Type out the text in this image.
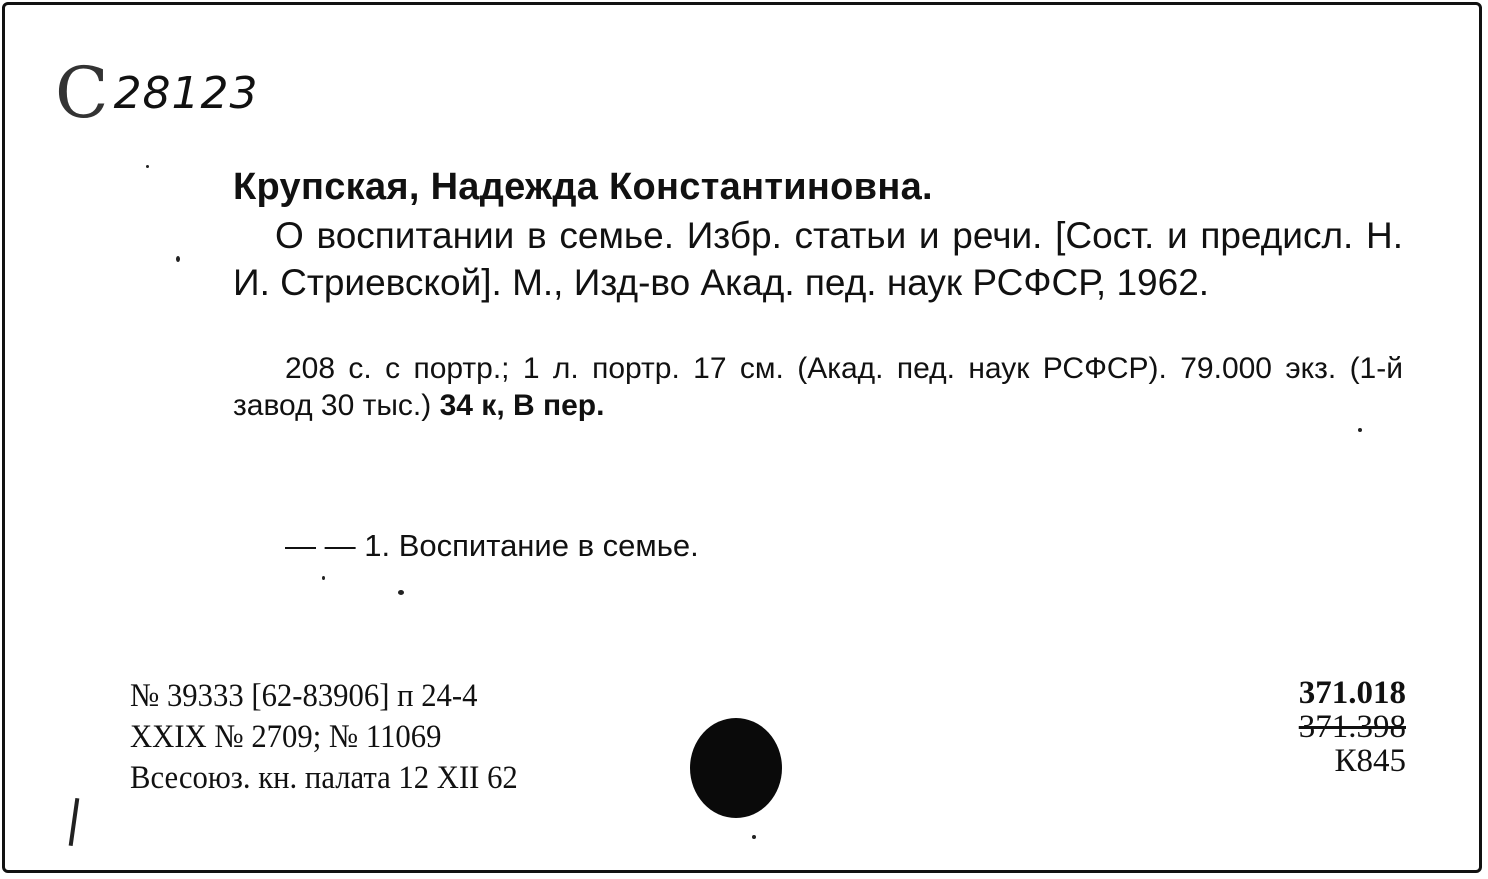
С 28123
Крупская, Надежда Константиновна.
О воспитании в семье. Избр. статьи и речи. [Сост. и предисл. Н. И. Стриевской]. М., Изд-во Акад. пед. наук РСФСР, 1962.
208 с. с портр.; 1 л. портр. 17 см. (Акад. пед. наук РСФСР). 79.000 экз. (1-й завод 30 тыс.) 34 к, В пер.
— — 1. Воспитание в семье.
№ 39333 [62-83906] п 24-4
XXIX № 2709; № 11069
Всесоюз. кн. палата 12 XII 62
371.018
371.398
К845
